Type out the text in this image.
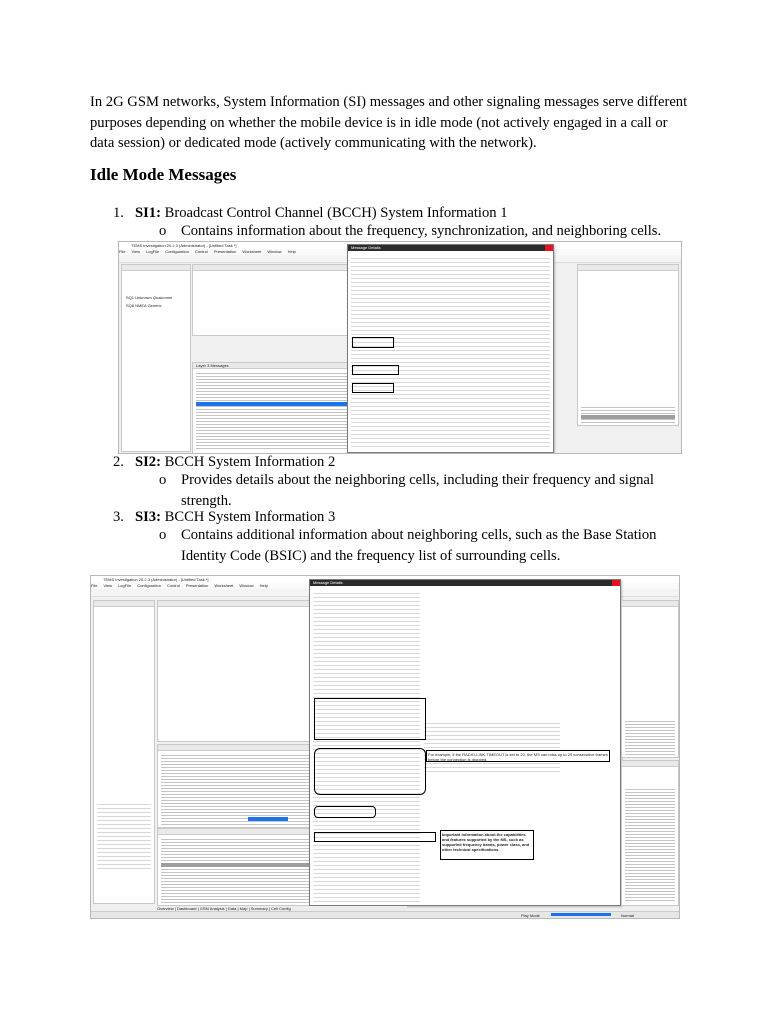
In 2G GSM networks, System Information (SI) messages and other signaling messages serve different purposes depending on whether the mobile device is in idle mode (not actively engaged in a call or data session) or dedicated mode (actively communicating with the network).

Idle Mode Messages

1. SI1: Broadcast Control Channel (BCCH) System Information 1

o	Contains information about the frequency, synchronization, and neighboring cells.
TEMS Investigation 20.2.3 (Administrator) - [Untitled Task *]
File View LogFile Configuration Control Presentation Worksheet Window Help
SQ1 Unknown Qualcomm
SQ8 NMEA Generic
Layer 3 Messages
Message Details

2. SI2: BCCH System Information 2

o	Provides details about the neighboring cells, including their frequency and signal strength.

3. SI3: BCCH System Information 3

o	Contains additional information about neighboring cells, such as the Base Station Identity Code (BSIC) and the frequency list of surrounding cells.
TEMS Investigation 20.2.3 (Administrator) - [Untitled Task *]
File View LogFile Configuration Control Presentation Worksheet Window Help
Message Details
For example, if the RADIO-LINK-TIMEOUT is set to 20, the MS can miss up to 20 consecutive frames before the connection is dropped.
Important information about the capabilities and features supported by the MS, such as supported frequency bands, power class, and other technical specifications.
Overview | Dashboard | GSM Analysis | Data | Map | Summary | Cell Config
Play Mode	Normal
